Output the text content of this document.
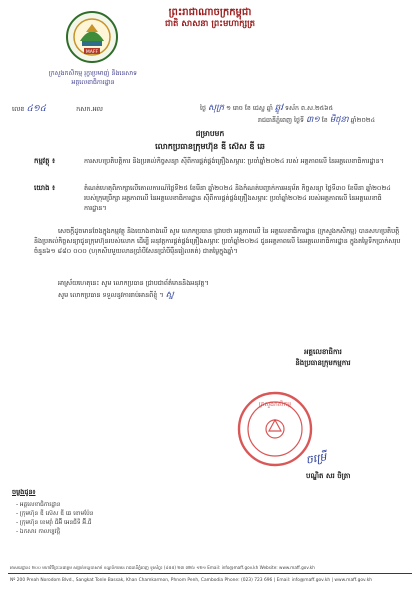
ព្រះរាជាណាចក្រកម្ពុជា
ជាតិ សាសនា ព្រះមហាក្សត្រ
MAFF
ក្រសួងកសិកម្ម រុក្ខាប្រមាញ់ និងនេសាទ
អគ្គលេខាធិការដ្ឋាន
លេខ ៤១៤	កសក.អល	ថ្ងៃ សុក្រ ១ រោច ខែ ជេស្ឋ ឆ្នាំ ឆ្លូវ ទស័ក ព.ស.២៥៦៥
រាជធានីភ្នំពេញ ថ្ងៃទី ៣១ ខែ មិថុនា ឆ្នាំ២០២៤
ជម្រាបមក
លោកប្រធានក្រុមហ៊ុន ឌី ស៊េស ឌី ឆេ
កម្មវត្ថុ ៖	ការសហប្រតិបត្តិការ និងប្រគល់កិច្ចសន្យា ស៊ីពីការផ្គត់ផ្គង់គ្រឿងសម្ភារៈ ប្រចាំឆ្នាំ២០២៤ របស់ អគ្គភាពលើ នៃអគ្គលេខាធិការដ្ឋាន។
យោង ៖	តំណត់ហេតុពិភាក្សាលើគោលការណ៍ថ្ងៃទី២៥ ខែមីនា ឆ្នាំ២០២៤ និងកំណត់បញ្ជាក់ការអនុម័ត កិច្ចសន្យា ថ្ងៃទី៣០ ខែមីនា ឆ្នាំ២០២៤ របស់ក្រុមប្រឹក្សា អគ្គភាពលើ នៃអគ្គលេខាធិការដ្ឋាន ស៊ីពីការផ្គត់ផ្គង់គ្រឿងសម្ភារៈ ប្រចាំឆ្នាំ២០២៤ របស់អគ្គភាពលើ នៃអគ្គលេខាធិការដ្ឋាន។
សេចក្តីដូចមានចែងក្នុងកម្មវត្ថុ និងយោងខាងលើ សូម លោកប្រធាន ជ្រាបថា អគ្គភាពលើ នៃ អគ្គលេខាធិការដ្ឋាន (ក្រសួងកសិកម្ម) បានសហប្រតិបត្តិ និងប្រគល់កិច្ចសន្យាជូនក្រុមហ៊ុនរបស់លោក ដើម្បី អនុវត្តការផ្គត់ផ្គង់គ្រឿងសម្ភារៈ ប្រចាំឆ្នាំ២០២៤ ជូនអគ្គភាពលើ នៃអគ្គលេខាធិការដ្ឋាន ក្នុងតម្លៃទឹកប្រាក់សរុប ចំនួន៦១ ៨៨០ ០០០ (ហុកសិបមួយលានប្រាំបីសែនប្រាំបីម៉ឺនរៀលគត់) ជាតម្លៃក្នុងឆ្នាំ។
អាស្រ័យហេតុនេះ សូម លោកប្រធាន ជ្រាបជាព័ត៌មាននិងអនុវត្ត។
សូម លោកប្រធាន ទទួលនូវការរាប់អានពីខ្ញុំ ។ ស្ន
អគ្គលេខាធិការ
និងប្រធានក្រុមកម្មការ
ក្រសួងកសិកម្ម
ចម្រើ
បណ្ឌិត សរ ចិត្រា
ចម្លងជូន៖
- អគ្គលេខាធិការដ្ឋាន
- ក្រុមហ៊ុន ឌី ស៊េស ឌី ឆេ ខោមប៉ែន
- ក្រុមហ៊ុន ខេមរ៉ាំ ធីអ៊ី អេនជីទី អ៊ី.ធី
- ឯកសារ កាលប្បវត្តិ
អាសយដ្ឋាន៖ ២០០ មហាវិថីព្រះនរោត្តម សង្កាត់ទន្លេបាសាក់ ខណ្ឌចំការមន រាជធានីភ្នំពេញ ទូរស័ព្ទ៖ (៨៥៥) ២៣ ៧២៦ ១២១ Email: info@maff.gov.kh Website: www.maff.gov.kh
Nº 200 Preah Norodom Blvd., Sangkat Tonle Bassak, Khan Chamkarmon, Phnom Penh, Cambodia Phone: (023) 723 696 | Email: info@maff.gov.kh | www.maff.gov.kh
